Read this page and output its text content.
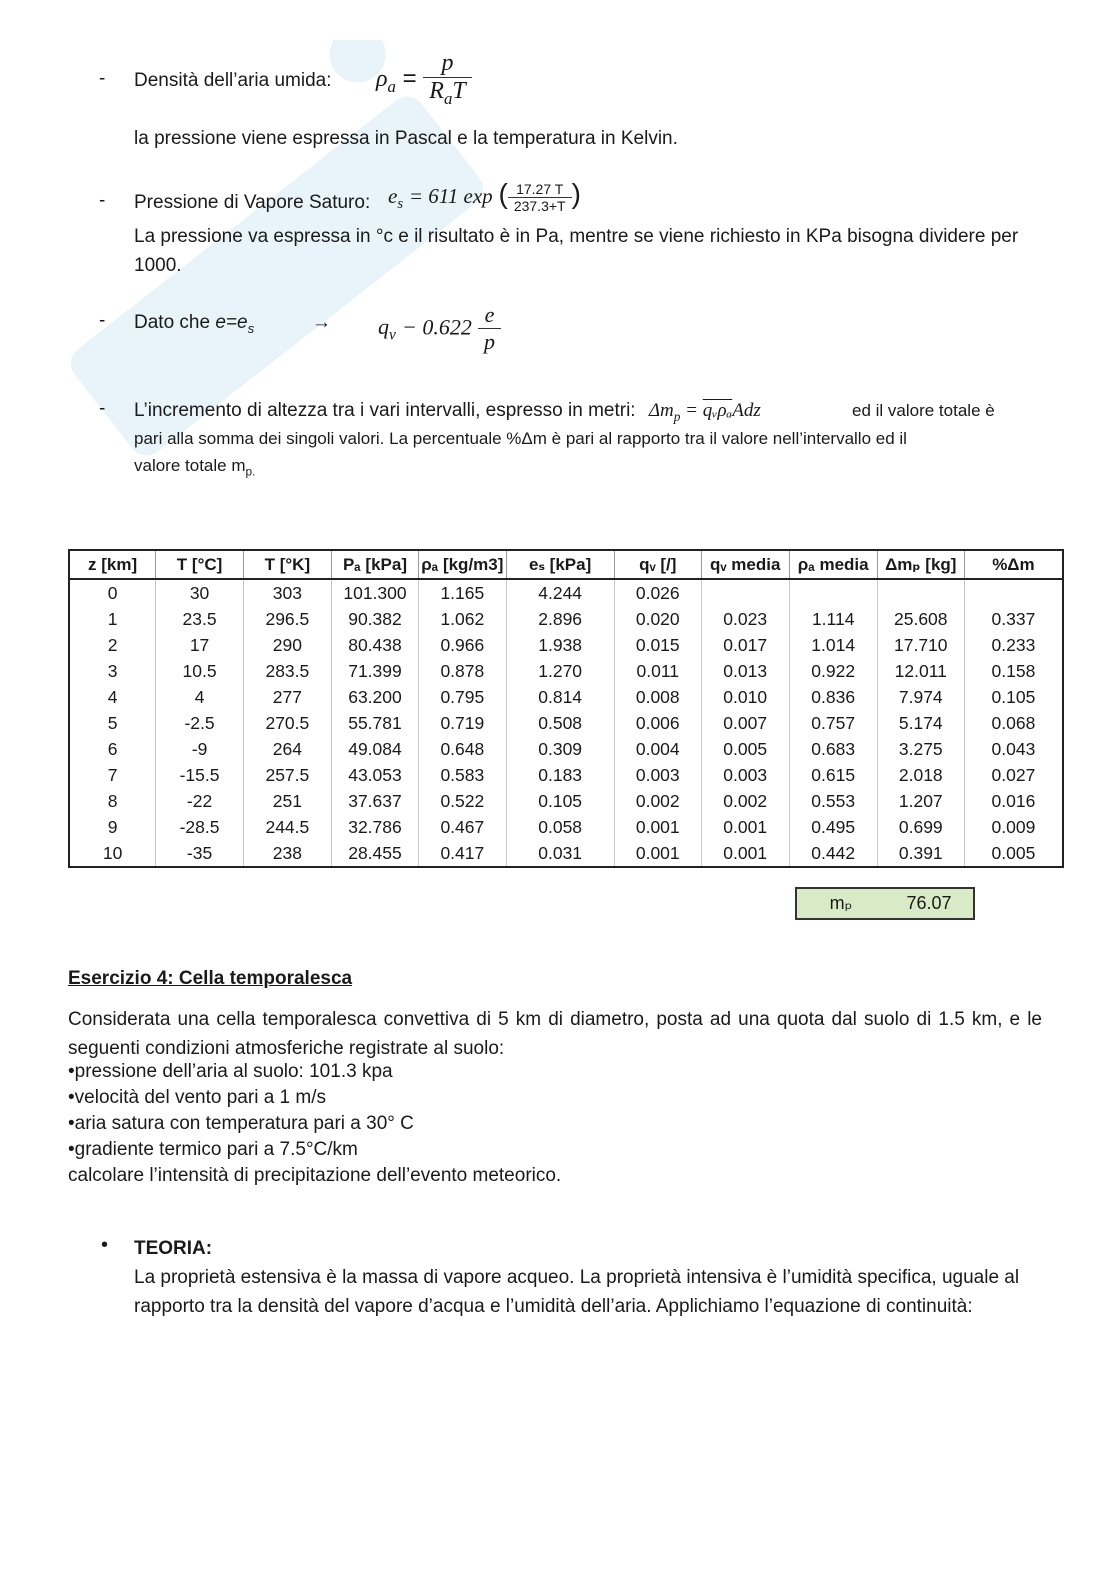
- Densità dell’aria umida: $\rho_a = \frac{p}{R_aT}$
la pressione viene espressa in Pascal e la temperatura in Kelvin.
- Pressione di Vapore Saturo: $e_s = 611$ exp ( $\frac{17.27 T}{237.3+T}$ )
La pressione va espressa in °c e il risultato è in Pa, mentre se viene richiesto in KPa bisogna dividere per 1000.
- Dato che $e=e_s$	→ $q_v - 0.622 \frac{e}{p}$
- L’incremento di altezza tra i vari intervalli, espresso in metri: $\Delta m_p$ = qᵥρₐAdz	ed il valore totale è
pari alla somma dei singoli valori. La percentuale %Δm è pari al rapporto tra il valore nell’intervallo ed il
valore totale $m_{p.}$
z [km]	T [°C]	T [°K]	Pₐ [kPa]	ρₐ [kg/m3]	eₛ [kPa]	qᵥ [/]	qᵥ media	ρₐ media	Δmₚ [kg]	%Δm
0	30	303	101.300	1.165	4.244	0.026				
1	23.5	296.5	90.382	1.062	2.896	0.020	0.023	1.114	25.608	0.337
2	17	290	80.438	0.966	1.938	0.015	0.017	1.014	17.710	0.233
3	10.5	283.5	71.399	0.878	1.270	0.011	0.013	0.922	12.011	0.158
4	4	277	63.200	0.795	0.814	0.008	0.010	0.836	7.974	0.105
5	-2.5	270.5	55.781	0.719	0.508	0.006	0.007	0.757	5.174	0.068
6	-9	264	49.084	0.648	0.309	0.004	0.005	0.683	3.275	0.043
7	-15.5	257.5	43.053	0.583	0.183	0.003	0.003	0.615	2.018	0.027
8	-22	251	37.637	0.522	0.105	0.002	0.002	0.553	1.207	0.016
9	-28.5	244.5	32.786	0.467	0.058	0.001	0.001	0.495	0.699	0.009
10	-35	238	28.455	0.417	0.031	0.001	0.001	0.442	0.391	0.005
mₚ	76.07
Esercizio 4: Cella temporalesca
Considerata una cella temporalesca convettiva di 5 km di diametro, posta ad una quota dal suolo di 1.5 km, e le seguenti condizioni atmosferiche registrate al suolo:
•pressione dell’aria al suolo: 101.3 kpa
•velocità del vento pari a 1 m/s
•aria satura con temperatura pari a 30° C
•gradiente termico pari a 7.5°C/km
calcolare l’intensità di precipitazione dell’evento meteorico.
• TEORIA:
La proprietà estensiva è la massa di vapore acqueo. La proprietà intensiva è l’umidità specifica, uguale al rapporto tra la densità del vapore d’acqua e l’umidità dell’aria. Applichiamo l’equazione di continuità:
